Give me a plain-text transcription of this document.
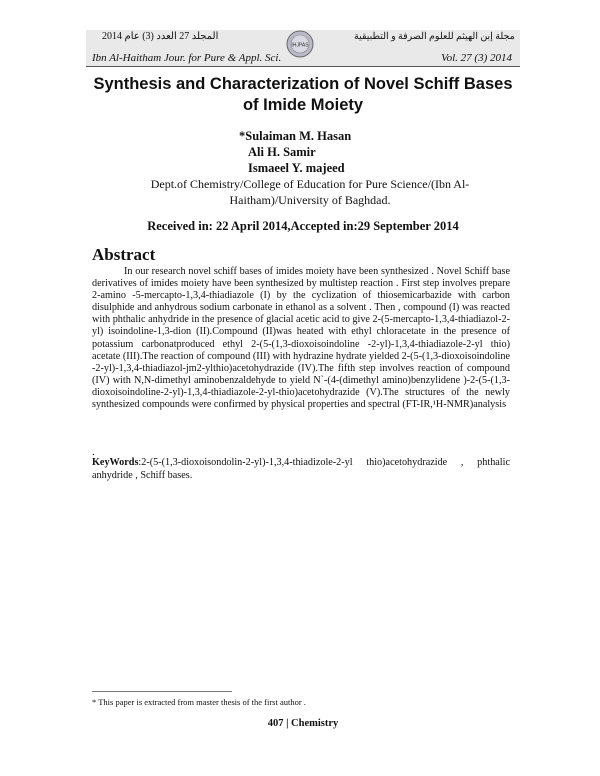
المجلد 27 العدد (3) عام 2014
IHJPAS
مجلة إبن الهيثم للعلوم الصرفة و التطبيقية
Ibn Al-Haitham Jour. for Pure & Appl. Sci.	Vol. 27 (3) 2014
Synthesis and Characterization of Novel Schiff Bases of Imide Moiety
*Sulaiman M. Hasan
Ali H. Samir
Ismaeel Y. majeed
Dept.of Chemistry/College of Education for Pure Science/(Ibn Al-Haitham)/University of Baghdad.
Received in: 22 April 2014,Accepted in:29 September 2014
Abstract
In our research novel schiff bases of imides moiety have been synthesized . Novel Schiff base derivatives of imides moiety have been synthesized by multistep reaction . First step involves prepare 2-amino -5-mercapto-1,3,4-thiadiazole (I) by the cyclization of thiosemicarbazide with carbon disulphide and anhydrous sodium carbonate in ethanol as a solvent . Then , compound (I) was reacted with phthalic anhydride in the presence of glacial acetic acid to give 2-(5-mercapto-1,3,4-thiadiazol-2-yl) isoindoline-1,3-dion (II).Compound (II)was heated with ethyl chloracetate in the presence of potassium carbonatproduced ethyl 2-(5-(1,3-dioxoisoindoline -2-yl)-1,3,4-thiadiazole-2-yl thio) acetate (III).The reaction of compound (III) with hydrazine hydrate yielded 2-(5-(1,3-dioxoisoindoline -2-yl)-1,3,4-thiadiazol-jm2-ylthio)acetohydrazide (IV).The fifth step involves reaction of compound (IV) with N,N-dimethyl aminobenzaldehyde to yield N`-(4-(dimethyl amino)benzylidene )-2-(5-(1,3-dioxoisoindoline-2-yl)-1,3,4-thiadiazole-2-yl-thio)acetohydrazide (V).The structures of the newly synthesized compounds were confirmed by physical properties and spectral (FT-IR,¹H-NMR)analysis
.
KeyWords:2-(5-(1,3-dioxoisondolin-2-yl)-1,3,4-thiadizole-2-yl thio)acetohydrazide , phthalic anhydride , Schiff bases.
* This paper is extracted from master thesis of the first author .
407 | Chemistry
